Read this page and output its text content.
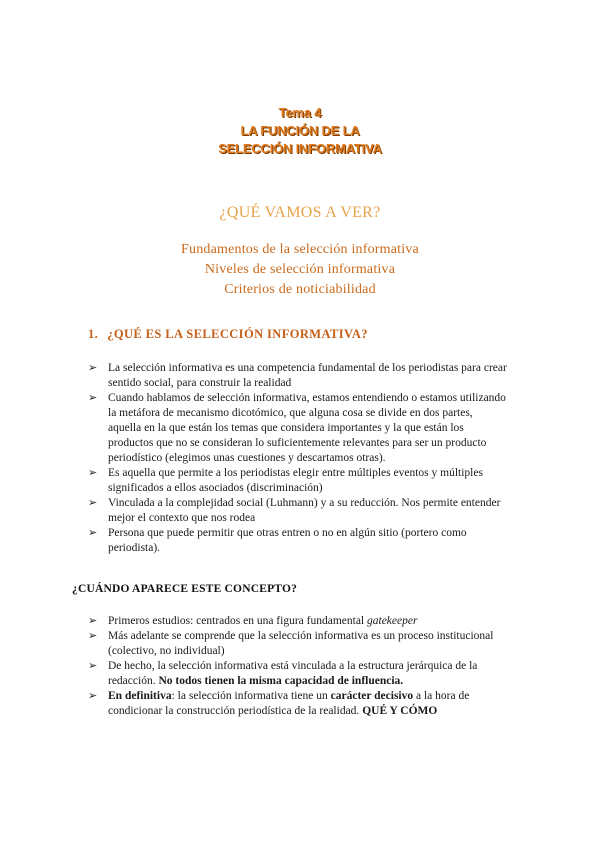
Tema 4
LA FUNCIÓN DE LA
SELECCIÓN INFORMATIVA
¿QUÉ VAMOS A VER?
Fundamentos de la selección informativa
Niveles de selección informativa
Criterios de noticiabilidad
1. ¿QUÉ ES LA SELECCIÓN INFORMATIVA?
➢ La selección informativa es una competencia fundamental de los periodistas para crear sentido social, para construir la realidad
➢ Cuando hablamos de selección informativa, estamos entendiendo o estamos utilizando la metáfora de mecanismo dicotómico, que alguna cosa se divide en dos partes, aquella en la que están los temas que considera importantes y la que están los productos que no se consideran lo suficientemente relevantes para ser un producto periodístico (elegimos unas cuestiones y descartamos otras).
➢ Es aquella que permite a los periodistas elegir entre múltiples eventos y múltiples significados a ellos asociados (discriminación)
➢ Vinculada a la complejidad social (Luhmann) y a su reducción. Nos permite entender mejor el contexto que nos rodea
➢ Persona que puede permitir que otras entren o no en algún sitio (portero como periodista).
¿CUÁNDO APARECE ESTE CONCEPTO?
➢ Primeros estudios: centrados en una figura fundamental gatekeeper
➢ Más adelante se comprende que la selección informativa es un proceso institucional (colectivo, no individual)
➢ De hecho, la selección informativa está vinculada a la estructura jerárquica de la redacción. No todos tienen la misma capacidad de influencia.
➢ En definitiva: la selección informativa tiene un carácter decisivo a la hora de condicionar la construcción periodística de la realidad. QUÉ Y CÓMO
